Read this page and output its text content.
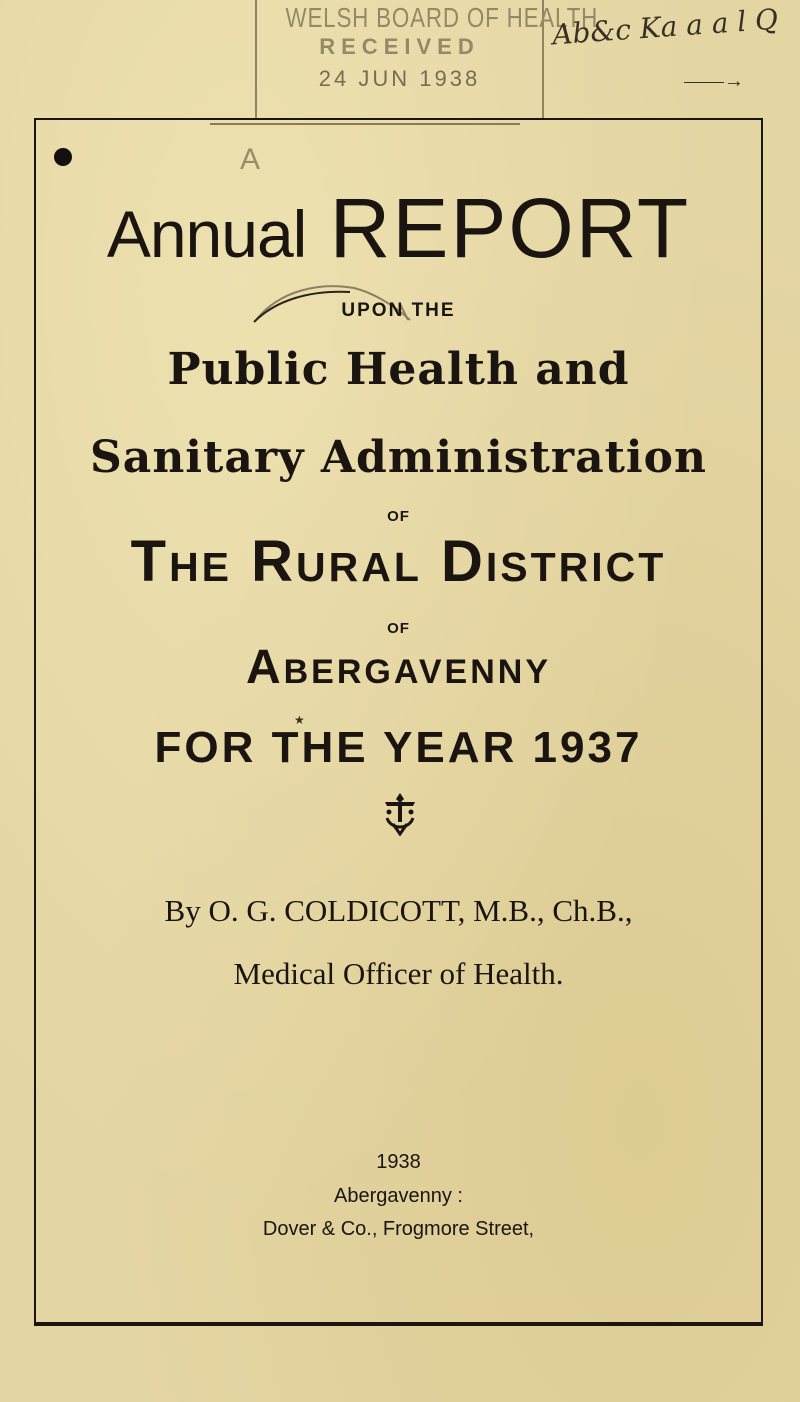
WELSH BOARD OF HEALTH
RECEIVED
24 JUN 1938
Ab&c Ka a a l Q
——→
A
Annual REPORT
UPON THE
Public Health and
Sanitary Administration
OF
The Rural District
OF
Abergavenny
★
FOR THE YEAR 1937
By O. G. COLDICOTT, M.B., Ch.B.,
Medical Officer of Health.
1938
Abergavenny :
Dover & Co., Frogmore Street,
